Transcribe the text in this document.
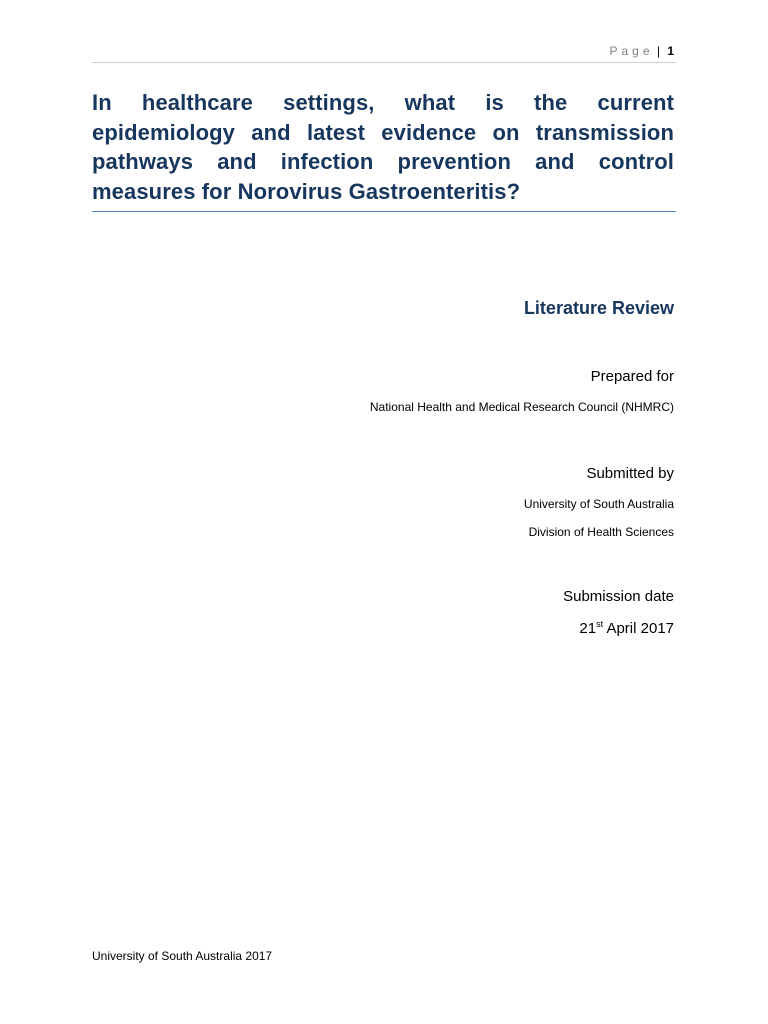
Page | 1
In healthcare settings, what is the current epidemiology and latest evidence on transmission pathways and infection prevention and control measures for Norovirus Gastroenteritis?
Literature Review
Prepared for
National Health and Medical Research Council (NHMRC)
Submitted by
University of South Australia
Division of Health Sciences
Submission date
21st April 2017
University of South Australia 2017
